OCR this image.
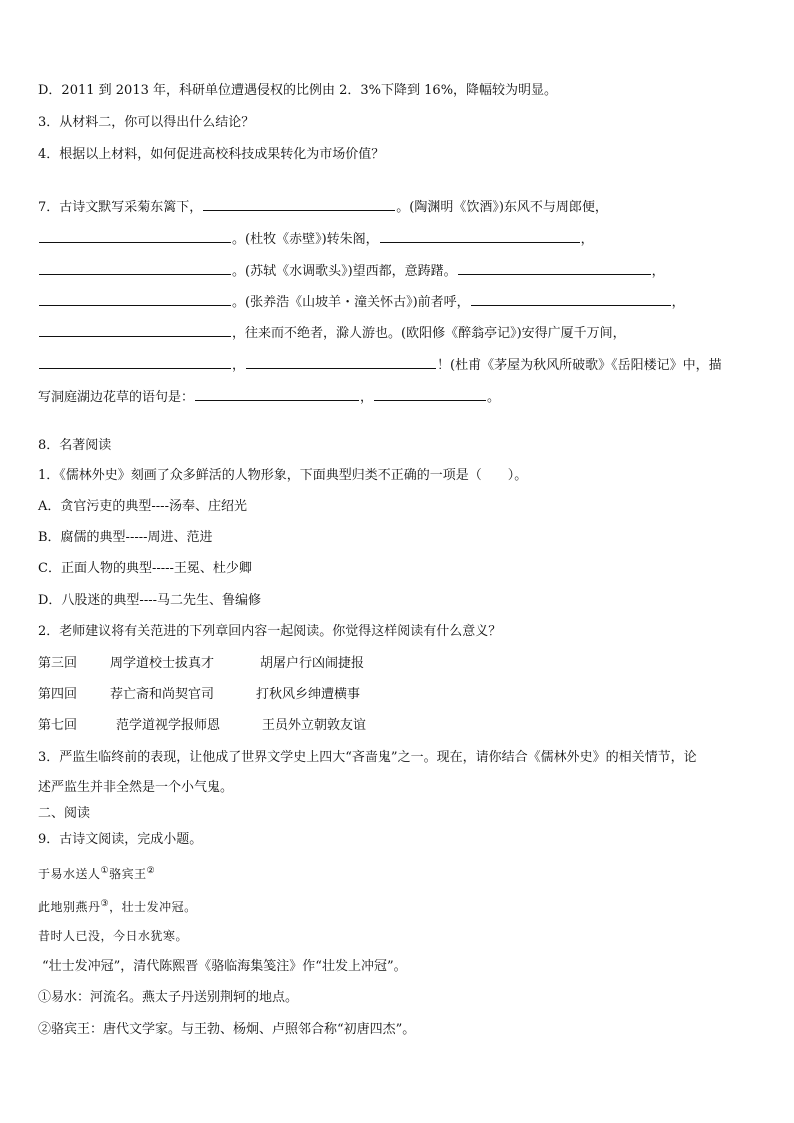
D．2011 到 2013 年，科研单位遭遇侵权的比例由 2．3%下降到 16%，降幅较为明显。
3．从材料二，你可以得出什么结论？
4．根据以上材料，如何促进高校科技成果转化为市场价值？
7．古诗文默写采菊东篱下，	。(陶渊明《饮酒》)东风不与周郎便，
。(杜牧《赤壁》)转朱阁，	，
。(苏轼《水调歌头》)望西都，意踌躇。	，
。(张养浩《山坡羊・潼关怀古》)前者呼，	，
，往来而不绝者，滁人游也。(欧阳修《醉翁亭记》)安得广厦千万间，
，	！(杜甫《茅屋为秋风所破歌》《岳阳楼记》中，描
写洞庭湖边花草的语句是：	，	。
8．名著阅读
1．《儒林外史》刻画了众多鲜活的人物形象，下面典型归类不正确的一项是（　　）。
A．贪官污吏的典型----汤奉、庄绍光
B．腐儒的典型-----周进、范进
C．正面人物的典型-----王冕、杜少卿
D．八股迷的典型----马二先生、鲁编修
2．老师建议将有关范进的下列章回内容一起阅读。你觉得这样阅读有什么意义？
第三回	周学道校士拔真才	胡屠户行凶闹捷报
第四回	荐亡斋和尚契官司	打秋风乡绅遭横事
第七回	范学道视学报师恩	王员外立朝敦友谊
3．严监生临终前的表现，让他成了世界文学史上四大“吝啬鬼”之一。现在，请你结合《儒林外史》的相关情节，论
述严监生并非全然是一个小气鬼。
二、阅读
9．古诗文阅读，完成小题。
于易水送人①骆宾王②
此地别燕丹③，壮士发冲冠。
昔时人已没，今日水犹寒。
“壮士发冲冠”，清代陈熙晋《骆临海集笺注》作“壮发上冲冠”。
①易水：河流名。燕太子丹送别荆轲的地点。
②骆宾王：唐代文学家。与王勃、杨炯、卢照邻合称“初唐四杰”。
